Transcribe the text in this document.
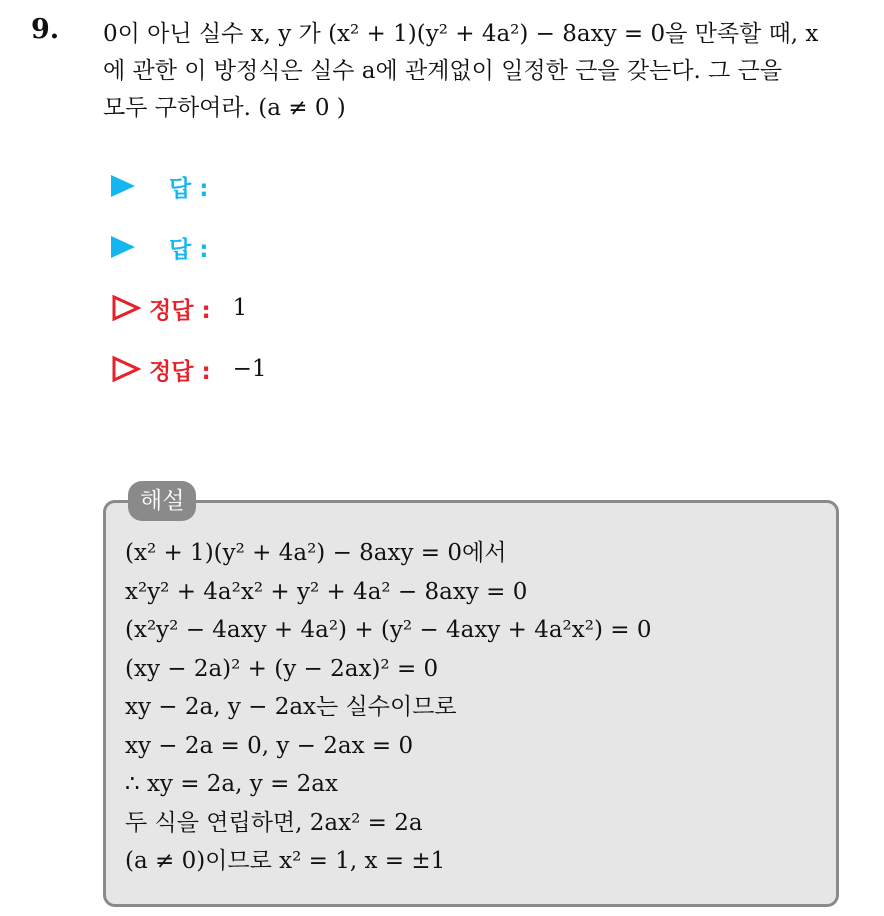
9. 0이 아닌 실수 x, y 가 (x² + 1)(y² + 4a²) − 8axy = 0을 만족할 때, x
에 관한 이 방정식은 실수 a에 관계없이 일정한 근을 갖는다. 그 근을
모두 구하여라. (a ≠ 0 )
답 :
답 :
정답 : 1
정답 : −1
해설
(x² + 1)(y² + 4a²) − 8axy = 0에서
x²y² + 4a²x² + y² + 4a² − 8axy = 0
(x²y² − 4axy + 4a²) + (y² − 4axy + 4a²x²) = 0
(xy − 2a)² + (y − 2ax)² = 0
xy − 2a, y − 2ax는 실수이므로
xy − 2a = 0, y − 2ax = 0
∴ xy = 2a, y = 2ax
두 식을 연립하면, 2ax² = 2a
(a ≠ 0)이므로 x² = 1, x = ±1
